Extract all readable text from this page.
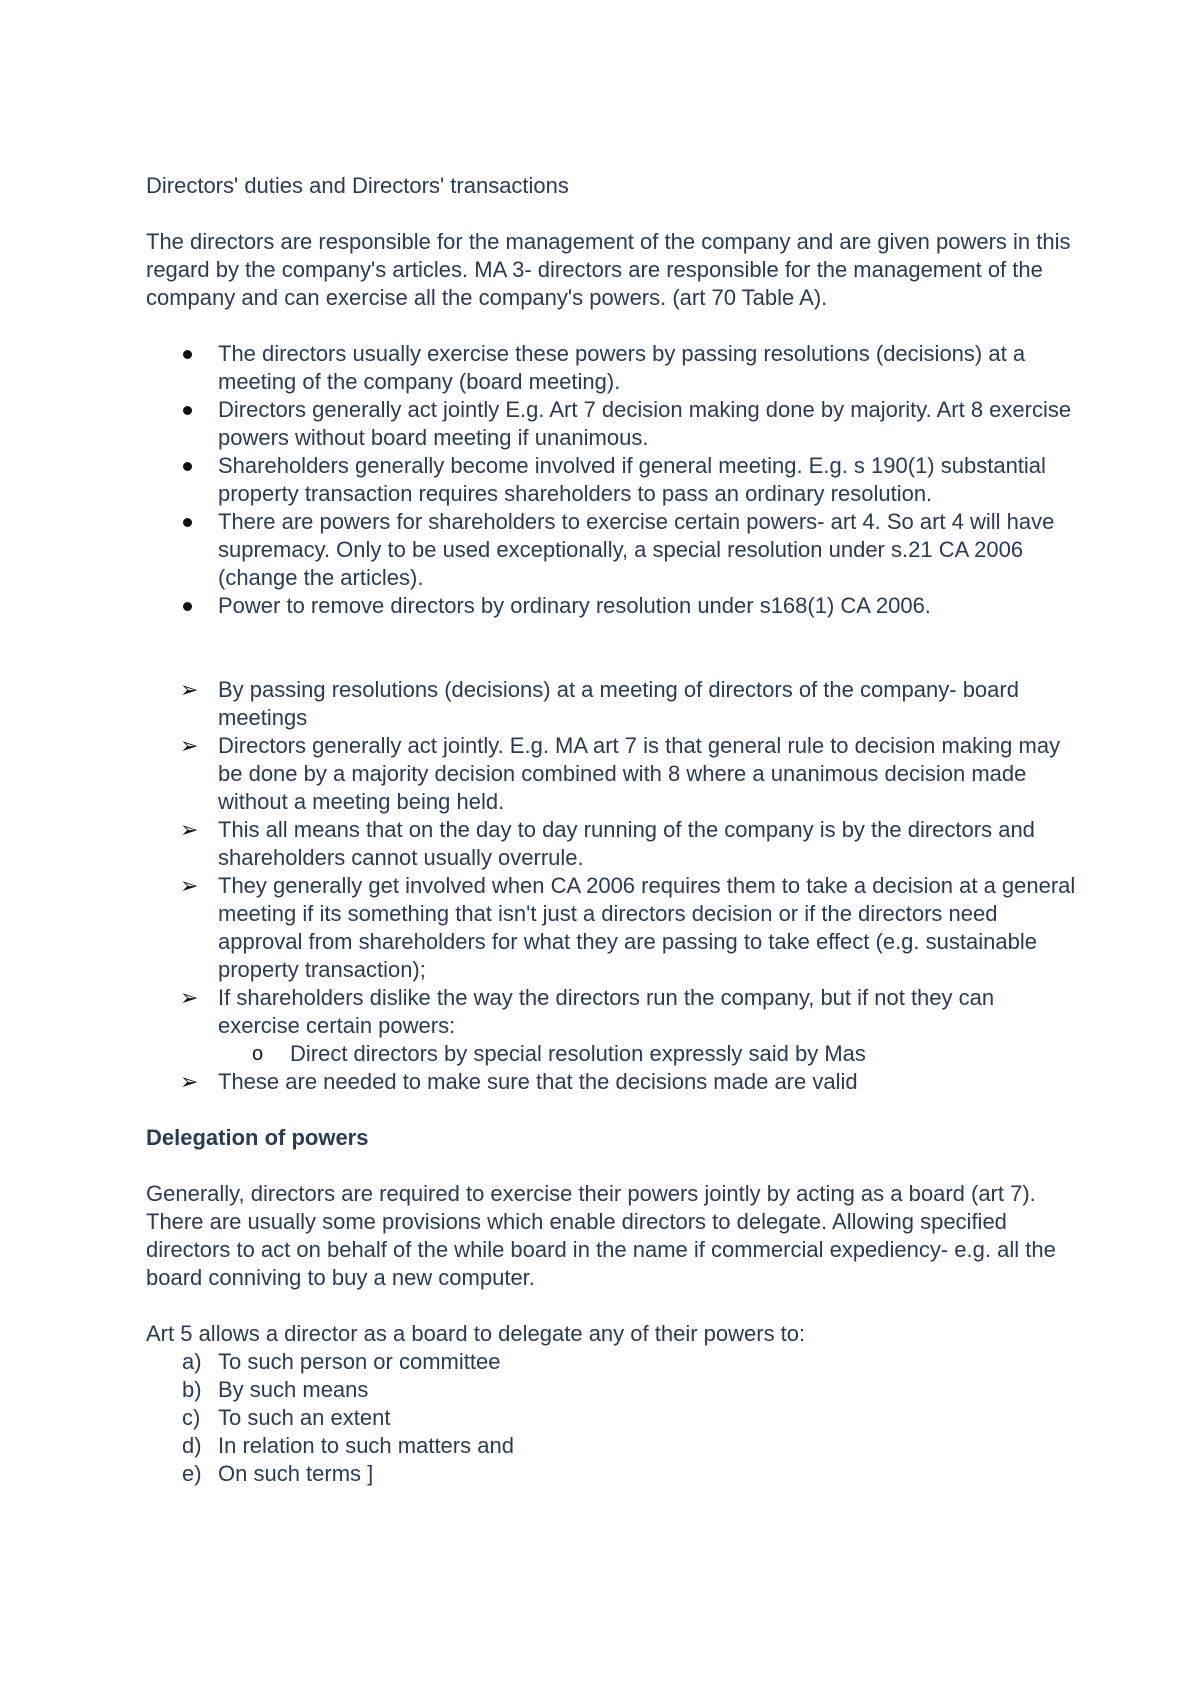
Directors' duties and Directors' transactions

The directors are responsible for the management of the company and are given powers in this regard by the company's articles. MA 3- directors are responsible for the management of the company and can exercise all the company's powers. (art 70 Table A).

The directors usually exercise these powers by passing resolutions (decisions) at a meeting of the company (board meeting).
Directors generally act jointly E.g. Art 7 decision making done by majority. Art 8 exercise powers without board meeting if unanimous.
Shareholders generally become involved if general meeting. E.g. s 190(1) substantial property transaction requires shareholders to pass an ordinary resolution.
There are powers for shareholders to exercise certain powers- art 4. So art 4 will have supremacy. Only to be used exceptionally, a special resolution under s.21 CA 2006 (change the articles).
Power to remove directors by ordinary resolution under s168(1) CA 2006.
➢ By passing resolutions (decisions) at a meeting of directors of the company- board meetings
➢ Directors generally act jointly. E.g. MA art 7 is that general rule to decision making may be done by a majority decision combined with 8 where a unanimous decision made without a meeting being held.
➢ This all means that on the day to day running of the company is by the directors and shareholders cannot usually overrule.
➢ They generally get involved when CA 2006 requires them to take a decision at a general meeting if its something that isn't just a directors decision or if the directors need approval from shareholders for what they are passing to take effect (e.g. sustainable property transaction);
➢ If shareholders dislike the way the directors run the company, but if not they can exercise certain powers:
o Direct directors by special resolution expressly said by Mas
➢ These are needed to make sure that the decisions made are valid

Delegation of powers

Generally, directors are required to exercise their powers jointly by acting as a board (art 7). There are usually some provisions which enable directors to delegate. Allowing specified directors to act on behalf of the while board in the name if commercial expediency- e.g. all the board conniving to buy a new computer.

Art 5 allows a director as a board to delegate any of their powers to:

a) To such person or committee
b) By such means
c) To such an extent
d) In relation to such matters and
e) On such terms ]
